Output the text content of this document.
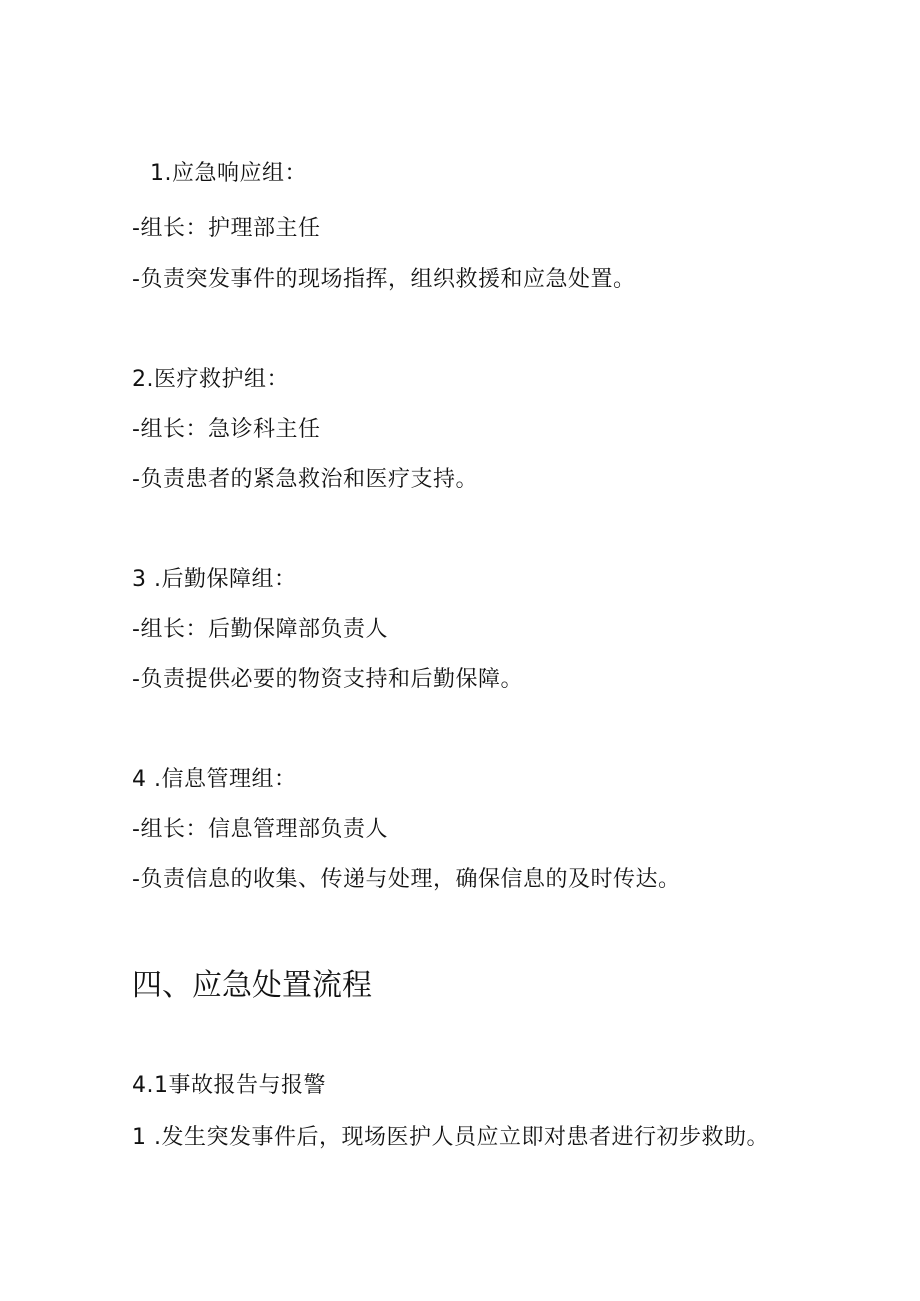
1.应急响应组：
-组长：护理部主任
-负责突发事件的现场指挥，组织救援和应急处置。
2.医疗救护组：
-组长：急诊科主任
-负责患者的紧急救治和医疗支持。
3 .后勤保障组：
-组长：后勤保障部负责人
-负责提供必要的物资支持和后勤保障。
4 .信息管理组：
-组长：信息管理部负责人
-负责信息的收集、传递与处理，确保信息的及时传达。
四、应急处置流程
4.1事故报告与报警
1 .发生突发事件后，现场医护人员应立即对患者进行初步救助。
